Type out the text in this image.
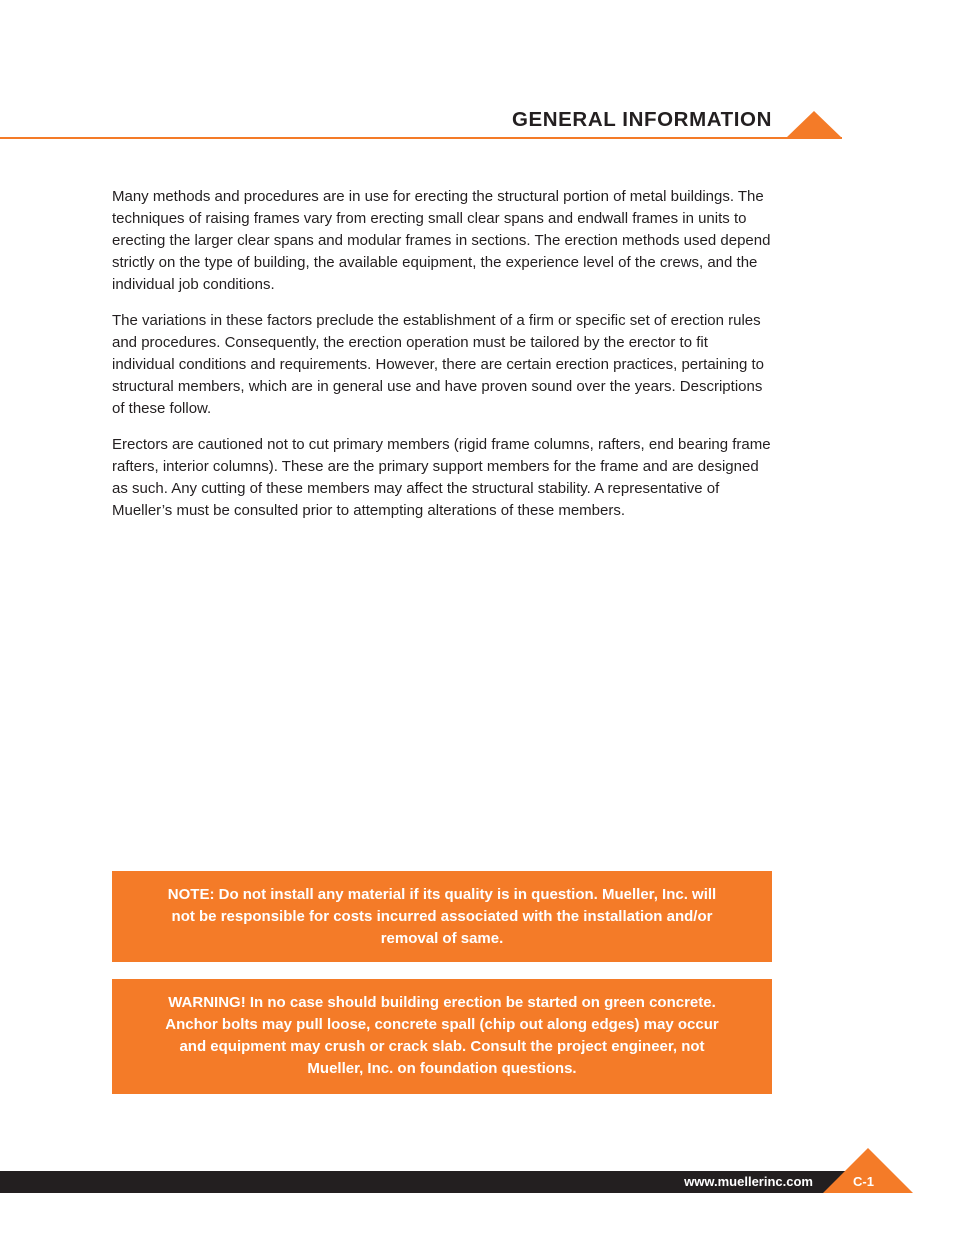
GENERAL INFORMATION

Many methods and procedures are in use for erecting the structural portion of metal buildings. The techniques of raising frames vary from erecting small clear spans and endwall frames in units to erecting the larger clear spans and modular frames in sections. The erection methods used depend strictly on the type of building, the available equipment, the experience level of the crews, and the individual job conditions.

The variations in these factors preclude the establishment of a firm or specific set of erection rules and procedures. Consequently, the erection operation must be tailored by the erector to fit individual conditions and requirements. However, there are certain erection practices, pertaining to structural members, which are in general use and have proven sound over the years. Descriptions of these follow.

Erectors are cautioned not to cut primary members (rigid frame columns, rafters, end bearing frame rafters, interior columns). These are the primary support members for the frame and are designed as such. Any cutting of these members may affect the structural stability. A representative of Mueller’s must be consulted prior to attempting alterations of these members.

NOTE: Do not install any material if its quality is in question. Mueller, Inc. will not be responsible for costs incurred associated with the installation and/or removal of same.
WARNING! In no case should building erection be started on green concrete. Anchor bolts may pull loose, concrete spall (chip out along edges) may occur and equipment may crush or crack slab. Consult the project engineer, not Mueller, Inc. on foundation questions.
www.muellerinc.com	C-1
